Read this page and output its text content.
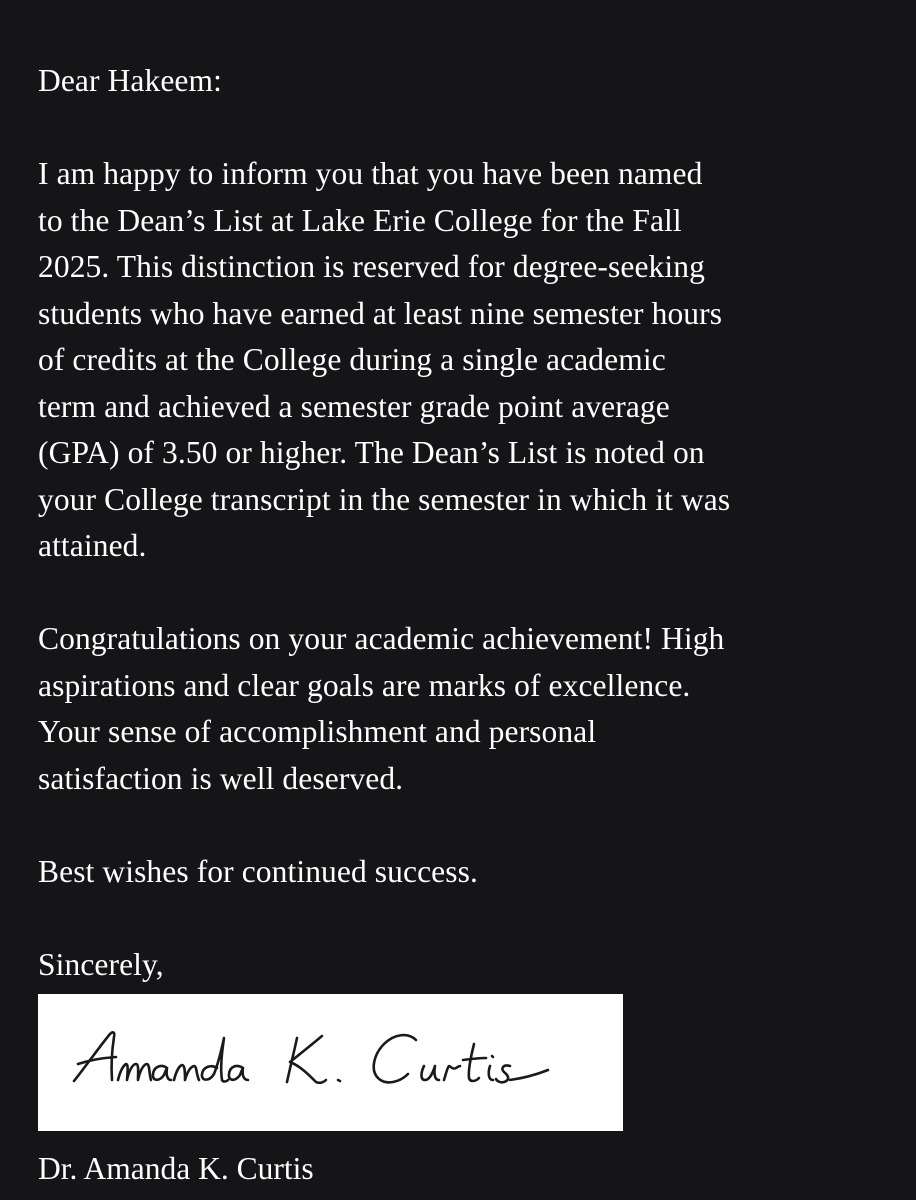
Dear Hakeem:
I am happy to inform you that you have been named
to the Dean’s List at Lake Erie College for the Fall
2025. This distinction is reserved for degree-seeking
students who have earned at least nine semester hours
of credits at the College during a single academic
term and achieved a semester grade point average
(GPA) of 3.50 or higher. The Dean’s List is noted on
your College transcript in the semester in which it was
attained.
Congratulations on your academic achievement! High
aspirations and clear goals are marks of excellence.
Your sense of accomplishment and personal
satisfaction is well deserved.
Best wishes for continued success.
Sincerely,
Dr. Amanda K. Curtis
